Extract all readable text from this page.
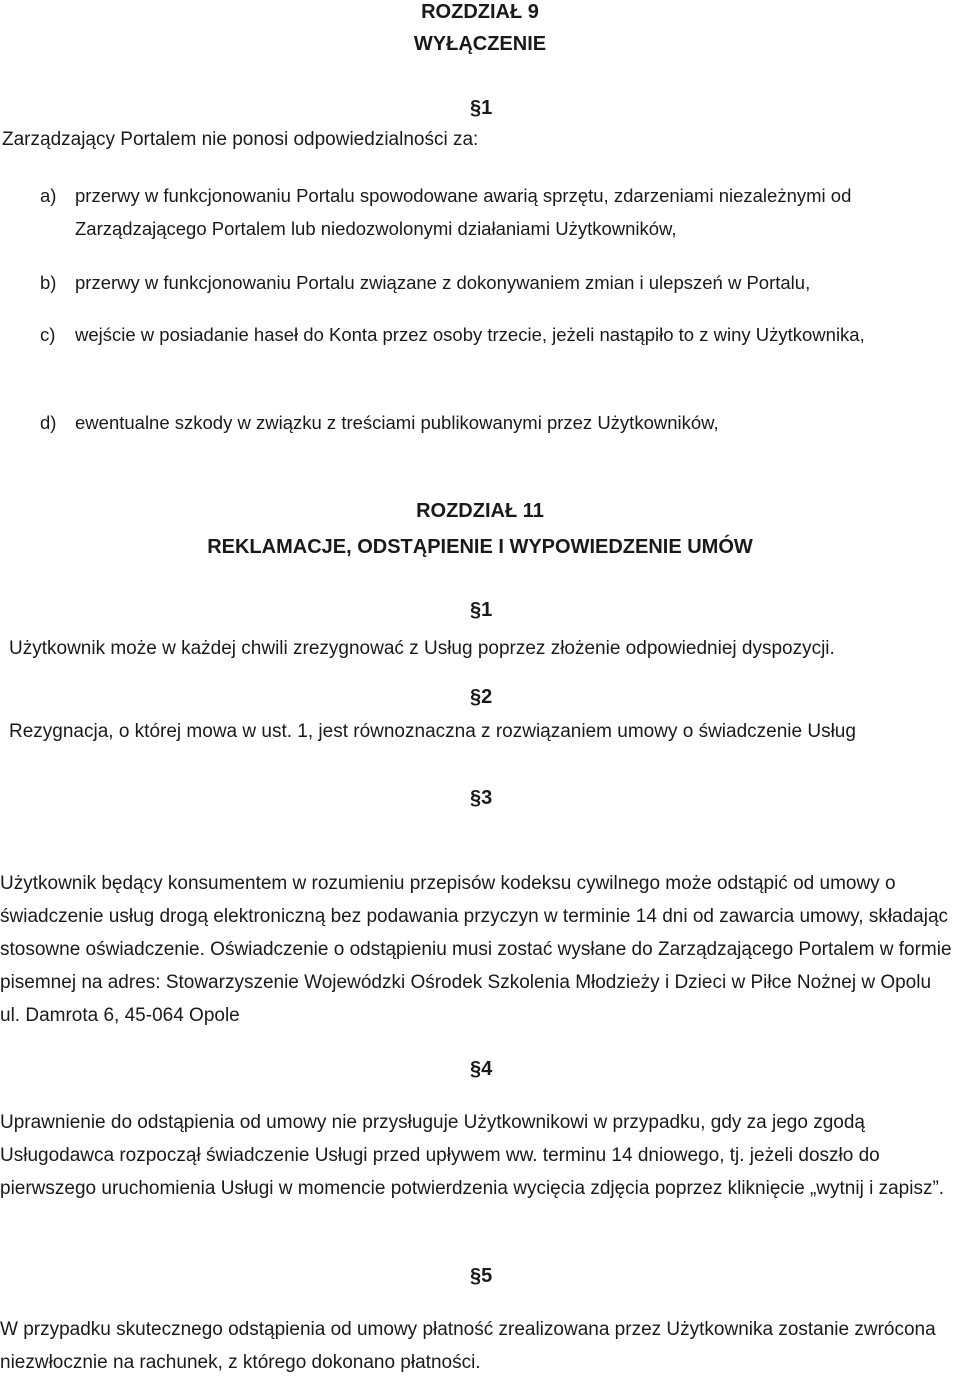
ROZDZIAŁ 9
WYŁĄCZENIE
§1
Zarządzający Portalem nie ponosi odpowiedzialności za:
a) przerwy w funkcjonowaniu Portalu spowodowane awarią sprzętu, zdarzeniami niezależnymi od Zarządzającego Portalem lub niedozwolonymi działaniami Użytkowników,
b) przerwy w funkcjonowaniu Portalu związane z dokonywaniem zmian i ulepszeń w Portalu,
c) wejście w posiadanie haseł do Konta przez osoby trzecie, jeżeli nastąpiło to z winy Użytkownika,
d) ewentualne szkody w związku z treściami publikowanymi przez Użytkowników,
ROZDZIAŁ 11
REKLAMACJE, ODSTĄPIENIE I WYPOWIEDZENIE UMÓW
§1
Użytkownik może w każdej chwili zrezygnować z Usług poprzez złożenie odpowiedniej dyspozycji.
§2
Rezygnacja, o której mowa w ust. 1, jest równoznaczna z rozwiązaniem umowy o świadczenie Usług
§3
Użytkownik będący konsumentem w rozumieniu przepisów kodeksu cywilnego może odstąpić od umowy o świadczenie usług drogą elektroniczną bez podawania przyczyn w terminie 14 dni od zawarcia umowy, składając stosowne oświadczenie. Oświadczenie o odstąpieniu musi zostać wysłane do Zarządzającego Portalem w formie pisemnej na adres: Stowarzyszenie Wojewódzki Ośrodek Szkolenia Młodzieży i Dzieci w Piłce Nożnej w Opolu ul. Damrota 6, 45-064 Opole
§4
Uprawnienie do odstąpienia od umowy nie przysługuje Użytkownikowi w przypadku, gdy za jego zgodą Usługodawca rozpoczął świadczenie Usługi przed upływem ww. terminu 14 dniowego, tj. jeżeli doszło do pierwszego uruchomienia Usługi w momencie potwierdzenia wycięcia zdjęcia poprzez kliknięcie „wytnij i zapisz”.
§5
W przypadku skutecznego odstąpienia od umowy płatność zrealizowana przez Użytkownika zostanie zwrócona niezwłocznie na rachunek, z którego dokonano płatności.
